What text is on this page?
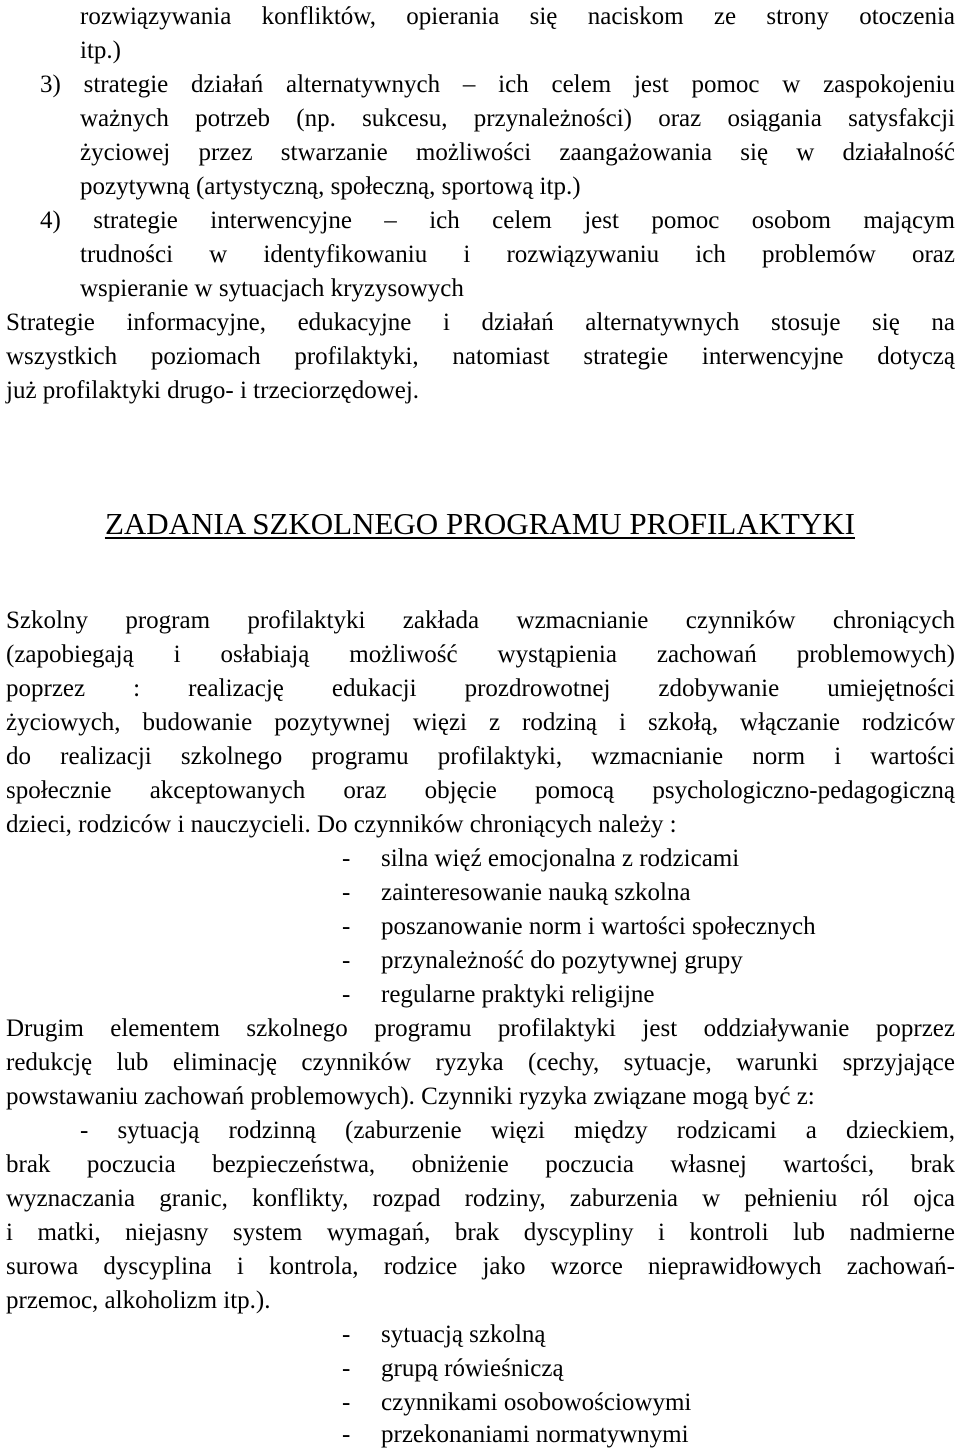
rozwiązywania konfliktów, opierania się naciskom ze strony otoczenia
itp.)
3) strategie działań alternatywnych – ich celem jest pomoc w zaspokojeniu
ważnych potrzeb (np. sukcesu, przynależności) oraz osiągania satysfakcji
życiowej przez stwarzanie możliwości zaangażowania się w działalność
pozytywną (artystyczną, społeczną, sportową itp.)
4) strategie interwencyjne – ich celem jest pomoc osobom mającym
trudności w identyfikowaniu i rozwiązywaniu ich problemów oraz
wspieranie w sytuacjach kryzysowych
Strategie informacyjne, edukacyjne i działań alternatywnych stosuje się na
wszystkich poziomach profilaktyki, natomiast strategie interwencyjne dotyczą
już profilaktyki drugo- i trzeciorzędowej.
ZADANIA SZKOLNEGO PROGRAMU PROFILAKTYKI
Szkolny program profilaktyki zakłada wzmacnianie czynników chroniących
(zapobiegają i osłabiają możliwość wystąpienia zachowań problemowych)
poprzez : realizację edukacji prozdrowotnej zdobywanie umiejętności
życiowych, budowanie pozytywnej więzi z rodziną i szkołą, włączanie rodziców
do realizacji szkolnego programu profilaktyki, wzmacnianie norm i wartości
społecznie akceptowanych oraz objęcie pomocą psychologiczno-pedagogiczną
dzieci, rodziców i nauczycieli. Do czynników chroniących należy :
- silna więź emocjonalna z rodzicami
- zainteresowanie nauką szkolna
- poszanowanie norm i wartości społecznych
- przynależność do pozytywnej grupy
- regularne praktyki religijne
Drugim elementem szkolnego programu profilaktyki jest oddziaływanie poprzez
redukcję lub eliminację czynników ryzyka (cechy, sytuacje, warunki sprzyjające
powstawaniu zachowań problemowych). Czynniki ryzyka związane mogą być z:
- sytuacją rodzinną (zaburzenie więzi między rodzicami a dzieckiem,
brak poczucia bezpieczeństwa, obniżenie poczucia własnej wartości, brak
wyznaczania granic, konflikty, rozpad rodziny, zaburzenia w pełnieniu ról ojca
i matki, niejasny system wymagań, brak dyscypliny i kontroli lub nadmierne
surowa dyscyplina i kontrola, rodzice jako wzorce nieprawidłowych zachowań-
przemoc, alkoholizm itp.).
- sytuacją szkolną
- grupą rówieśniczą
- czynnikami osobowościowymi
- przekonaniami normatywnymi
